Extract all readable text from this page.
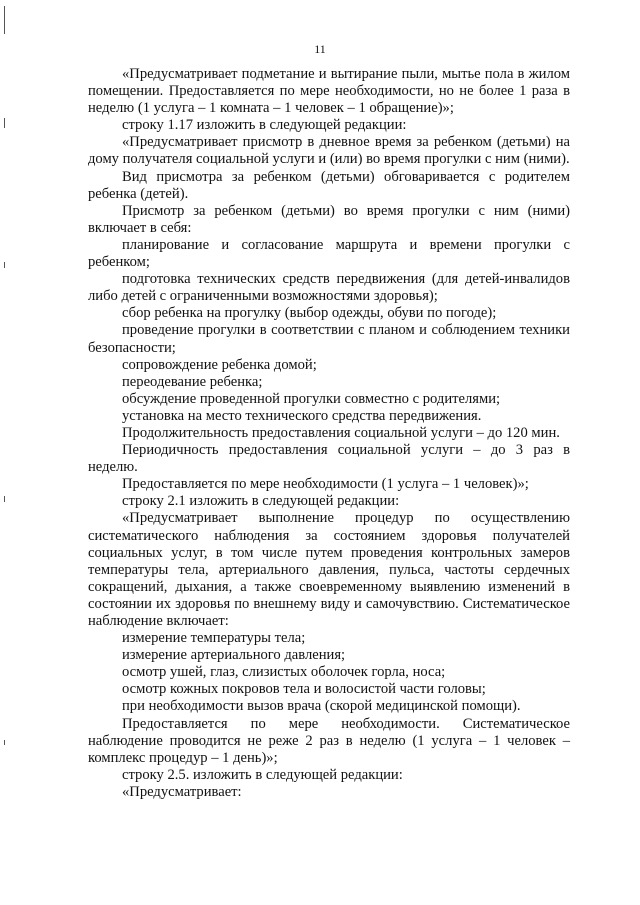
11

«Предусматривает подметание и вытирание пыли, мытье пола в жилом помещении. Предоставляется по мере необходимости, но не более 1 раза в неделю (1 услуга – 1 комната – 1 человек – 1 обращение)»;

строку 1.17 изложить в следующей редакции:

«Предусматривает присмотр в дневное время за ребенком (детьми) на дому получателя социальной услуги и (или) во время прогулки с ним (ними).

Вид присмотра за ребенком (детьми) обговаривается с родителем ребенка (детей).

Присмотр за ребенком (детьми) во время прогулки с ним (ними) включает в себя:

планирование и согласование маршрута и времени прогулки с ребенком;

подготовка технических средств передвижения (для детей-инвалидов либо детей с ограниченными возможностями здоровья);

сбор ребенка на прогулку (выбор одежды, обуви по погоде);

проведение прогулки в соответствии с планом и соблюдением техники безопасности;

сопровождение ребенка домой;

переодевание ребенка;

обсуждение проведенной прогулки совместно с родителями;

установка на место технического средства передвижения.

Продолжительность предоставления социальной услуги – до 120 мин.

Периодичность предоставления социальной услуги – до 3 раз в неделю.

Предоставляется по мере необходимости (1 услуга – 1 человек)»;

строку 2.1 изложить в следующей редакции:

«Предусматривает выполнение процедур по осуществлению систематического наблюдения за состоянием здоровья получателей социальных услуг, в том числе путем проведения контрольных замеров температуры тела, артериального давления, пульса, частоты сердечных сокращений, дыхания, а также своевременному выявлению изменений в состоянии их здоровья по внешнему виду и самочувствию. Систематическое наблюдение включает:

измерение температуры тела;

измерение артериального давления;

осмотр ушей, глаз, слизистых оболочек горла, носа;

осмотр кожных покровов тела и волосистой части головы;

при необходимости вызов врача (скорой медицинской помощи).

Предоставляется по мере необходимости. Систематическое наблюдение проводится не реже 2 раз в неделю (1 услуга – 1 человек – комплекс процедур – 1 день)»;

строку 2.5. изложить в следующей редакции:

«Предусматривает:
